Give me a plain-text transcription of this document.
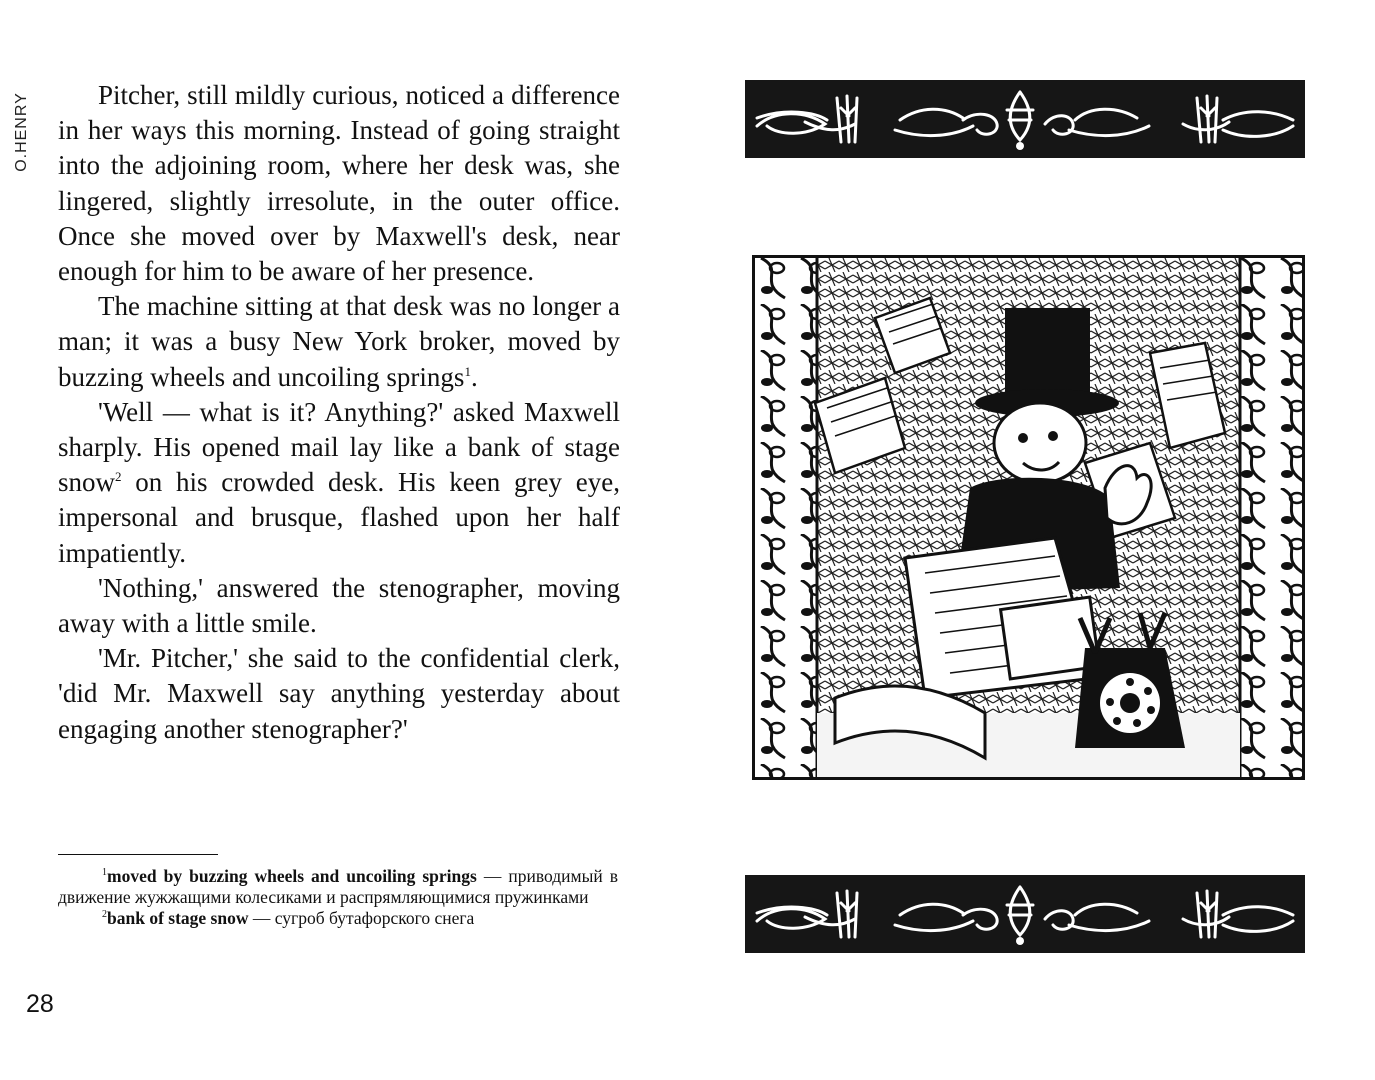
O.HENRY	Pitcher, still mildly curious, noticed a difference in her ways this morning. Instead of going straight into the adjoining room, where her desk was, she lingered, slightly irresolute, in the outer office. Once she moved over by Maxwell's desk, near enough for him to be aware of her presence.

The machine sitting at that desk was no longer a man; it was a busy New York broker, moved by buzzing wheels and uncoiling springs$^1$.

'Well — what is it? Anything?' asked Maxwell sharply. His opened mail lay like a bank of stage snow$^2$ on his crowded desk. His keen grey eye, impersonal and brusque, flashed upon her half impatiently.

'Nothing,' answered the stenographer, moving away with a little smile.

'Mr. Pitcher,' she said to the confidential clerk, 'did Mr. Maxwell say anything yesterday about engaging another stenographer?'

$^1$moved by buzzing wheels and uncoiling springs — приводимый в движение жужжащими колесиками и распрямляющимися пружинками

$^2$bank of stage snow — сугроб бутафорского снега

28
